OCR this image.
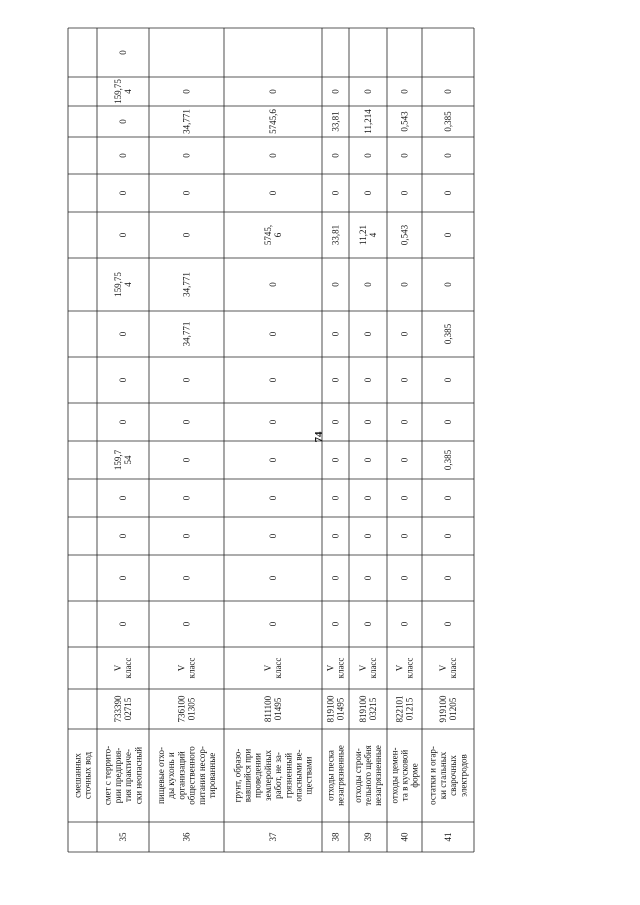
74
смешанных сточных вод
35
смет с террито- рии предприя- тия практиче- ски неопасный
733390 02715
V класс
0
159,75 4
0
0
0
0
159,75 4
0
0
0
159,7 54
0
0
0
0
36
пищевые отхо- ды кухонь и организаций общественного питания несор- тированные
736100 01305
V класс
0
34,771
0
0
0
34,771
34,771
0
0
0
0
0
0
0
37
грунт, образо- вавшийся при проведении землеройных работ, не за- грязненный опасными ве- ществами
811100 01495
V класс
0
5745,6
0
0
5745, 6
0
0
0
0
0
0
0
0
0
38
отходы песка незагрязненные
819100 01495
V класс
0
33,81
0
0
33,81
0
0
0
0
0
0
0
0
0
39
отходы строи- тельного щебня незагрязненные
819100 03215
V класс
0
11,214
0
0
11,21 4
0
0
0
0
0
0
0
0
0
40
отходы цемен- та в кусковой форме
822101 01215
V класс
0
0,543
0
0
0,543
0
0
0
0
0
0
0
0
0
41
остатки и огар- ки стальных сварочных электродов
919100 01205
V класс
0
0,385
0
0
0
0
0,385
0
0
0,385
0
0
0
0
